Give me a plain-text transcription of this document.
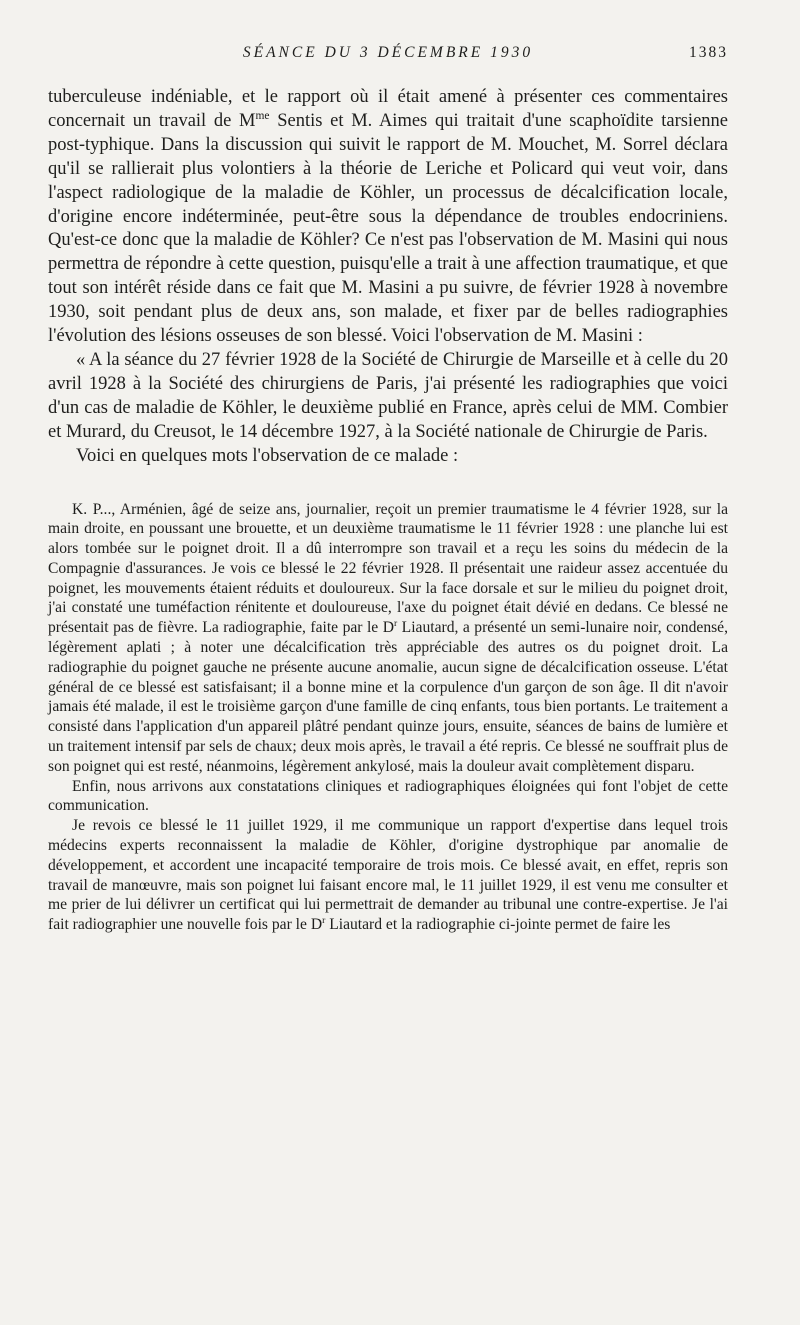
SÉANCE DU 3 DÉCEMBRE 1930	1383

tuberculeuse indéniable, et le rapport où il était amené à présenter ces commentaires concernait un travail de $M^{me}$ Sentis et M. Aimes qui traitait d'une scaphoïdite tarsienne post-typhique. Dans la discussion qui suivit le rapport de M. Mouchet, M. Sorrel déclara qu'il se rallierait plus volontiers à la théorie de Leriche et Policard qui veut voir, dans l'aspect radiologique de la maladie de Köhler, un processus de décalcification locale, d'origine encore indéterminée, peut-être sous la dépendance de troubles endocriniens. Qu'est-ce donc que la maladie de Köhler? Ce n'est pas l'observation de M. Masini qui nous permettra de répondre à cette question, puisqu'elle a trait à une affection traumatique, et que tout son intérêt réside dans ce fait que M. Masini a pu suivre, de février 1928 à novembre 1930, soit pendant plus de deux ans, son malade, et fixer par de belles radiographies l'évolution des lésions osseuses de son blessé. Voici l'observation de M. Masini :

« A la séance du 27 février 1928 de la Société de Chirurgie de Marseille et à celle du 20 avril 1928 à la Société des chirurgiens de Paris, j'ai présenté les radiographies que voici d'un cas de maladie de Köhler, le deuxième publié en France, après celui de MM. Combier et Murard, du Creusot, le 14 décembre 1927, à la Société nationale de Chirurgie de Paris.

Voici en quelques mots l'observation de ce malade :

K. P..., Arménien, âgé de seize ans, journalier, reçoit un premier traumatisme le 4 février 1928, sur la main droite, en poussant une brouette, et un deuxième traumatisme le 11 février 1928 : une planche lui est alors tombée sur le poignet droit. Il a dû interrompre son travail et a reçu les soins du médecin de la Compagnie d'assurances. Je vois ce blessé le 22 février 1928. Il présentait une raideur assez accentuée du poignet, les mouvements étaient réduits et douloureux. Sur la face dorsale et sur le milieu du poignet droit, j'ai constaté une tuméfaction rénitente et douloureuse, l'axe du poignet était dévié en dedans. Ce blessé ne présentait pas de fièvre. La radiographie, faite par le $D^r$ Liautard, a présenté un semi-lunaire noir, condensé, légèrement aplati ; à noter une décalcification très appréciable des autres os du poignet droit. La radiographie du poignet gauche ne présente aucune anomalie, aucun signe de décalcification osseuse. L'état général de ce blessé est satisfaisant; il a bonne mine et la corpulence d'un garçon de son âge. Il dit n'avoir jamais été malade, il est le troisième garçon d'une famille de cinq enfants, tous bien portants. Le traitement a consisté dans l'application d'un appareil plâtré pendant quinze jours, ensuite, séances de bains de lumière et un traitement intensif par sels de chaux; deux mois après, le travail a été repris. Ce blessé ne souffrait plus de son poignet qui est resté, néanmoins, légèrement ankylosé, mais la douleur avait complètement disparu.

Enfin, nous arrivons aux constatations cliniques et radiographiques éloignées qui font l'objet de cette communication.

Je revois ce blessé le 11 juillet 1929, il me communique un rapport d'expertise dans lequel trois médecins experts reconnaissent la maladie de Köhler, d'origine dystrophique par anomalie de développement, et accordent une incapacité temporaire de trois mois. Ce blessé avait, en effet, repris son travail de manœuvre, mais son poignet lui faisant encore mal, le 11 juillet 1929, il est venu me consulter et me prier de lui délivrer un certificat qui lui permettrait de demander au tribunal une contre-expertise. Je l'ai fait radiographier une nouvelle fois par le $D^r$ Liautard et la radiographie ci-jointe permet de faire les
